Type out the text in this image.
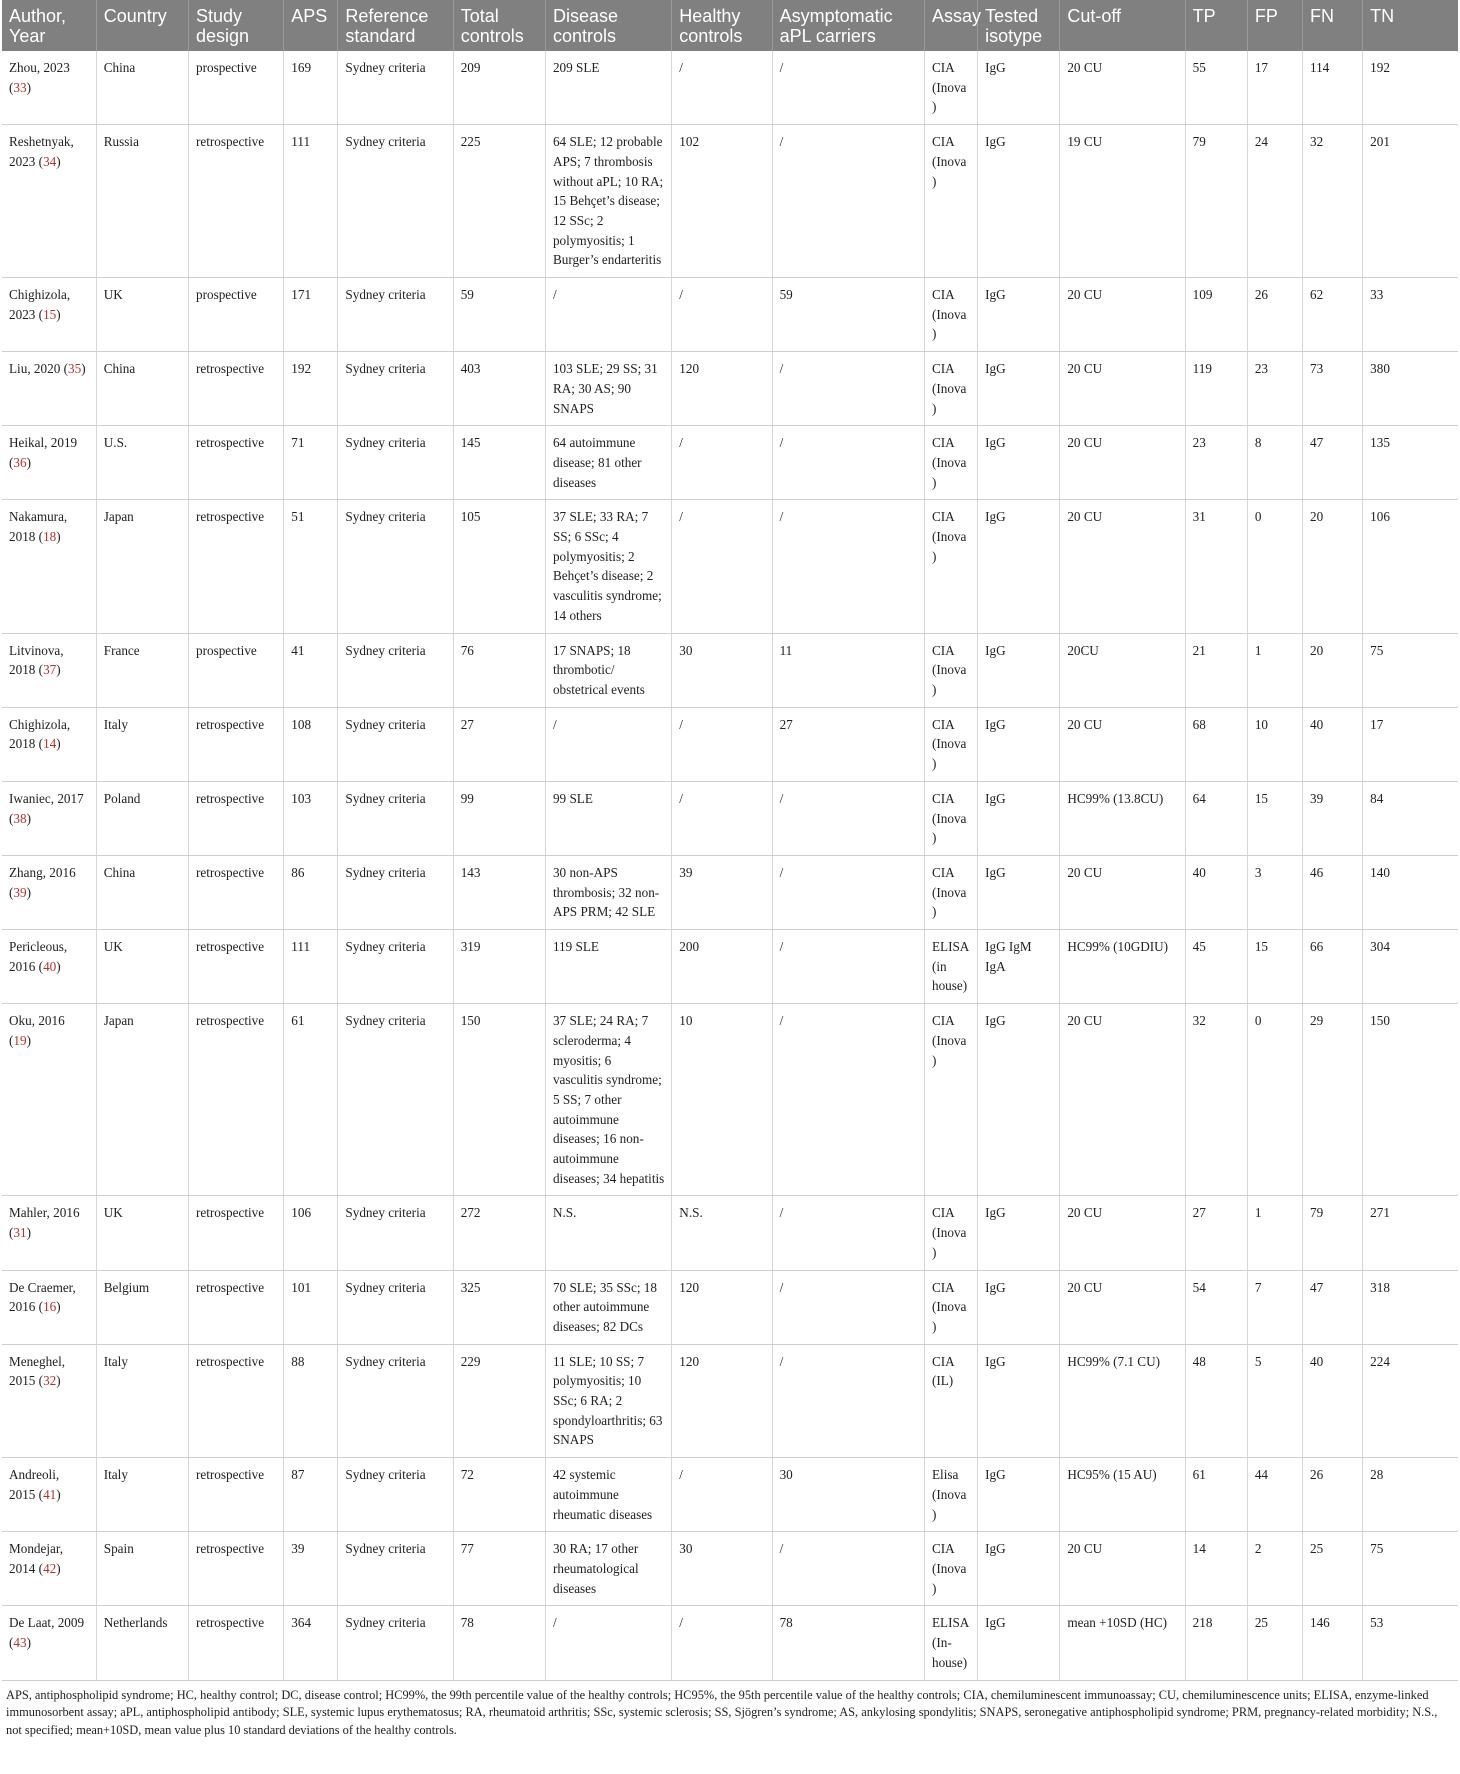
Author, Year	Country	Study design	APS	Reference standard	Total controls	Disease controls	Healthy controls	Asymptomatic aPL carriers	Assay	Tested isotype	Cut-off	TP	FP	FN	TN
Zhou, 2023 (33)	China	prospective	169	Sydney criteria	209	209 SLE	/	/	CIA (Inova)	IgG	20 CU	55	17	114	192
Reshetnyak, 2023 (34)	Russia	retrospective	111	Sydney criteria	225	64 SLE; 12 probable APS; 7 thrombosis without aPL; 10 RA; 15 Behçet’s disease; 12 SSc; 2 polymyositis; 1 Burger’s endarteritis	102	/	CIA (Inova)	IgG	19 CU	79	24	32	201
Chighizola, 2023 (15)	UK	prospective	171	Sydney criteria	59	/	/	59	CIA (Inova)	IgG	20 CU	109	26	62	33
Liu, 2020 (35)	China	retrospective	192	Sydney criteria	403	103 SLE; 29 SS; 31 RA; 30 AS; 90 SNAPS	120	/	CIA (Inova)	IgG	20 CU	119	23	73	380
Heikal, 2019 (36)	U.S.	retrospective	71	Sydney criteria	145	64 autoimmune disease; 81 other diseases	/	/	CIA (Inova)	IgG	20 CU	23	8	47	135
Nakamura, 2018 (18)	Japan	retrospective	51	Sydney criteria	105	37 SLE; 33 RA; 7 SS; 6 SSc; 4 polymyositis; 2 Behçet’s disease; 2 vasculitis syndrome; 14 others	/	/	CIA (Inova)	IgG	20 CU	31	0	20	106
Litvinova, 2018 (37)	France	prospective	41	Sydney criteria	76	17 SNAPS; 18 thrombotic/ obstetrical events	30	11	CIA (Inova)	IgG	20CU	21	1	20	75
Chighizola, 2018 (14)	Italy	retrospective	108	Sydney criteria	27	/	/	27	CIA (Inova)	IgG	20 CU	68	10	40	17
Iwaniec, 2017 (38)	Poland	retrospective	103	Sydney criteria	99	99 SLE	/	/	CIA (Inova)	IgG	HC99% (13.8CU)	64	15	39	84
Zhang, 2016 (39)	China	retrospective	86	Sydney criteria	143	30 non-APS thrombosis; 32 non-APS PRM; 42 SLE	39	/	CIA (Inova)	IgG	20 CU	40	3	46	140
Pericleous, 2016 (40)	UK	retrospective	111	Sydney criteria	319	119 SLE	200	/	ELISA (in house)	IgG IgM IgA	HC99% (10GDIU)	45	15	66	304
Oku, 2016 (19)	Japan	retrospective	61	Sydney criteria	150	37 SLE; 24 RA; 7 scleroderma; 4 myositis; 6 vasculitis syndrome; 5 SS; 7 other autoimmune diseases; 16 non-autoimmune diseases; 34 hepatitis	10	/	CIA (Inova)	IgG	20 CU	32	0	29	150
Mahler, 2016 (31)	UK	retrospective	106	Sydney criteria	272	N.S.	N.S.	/	CIA (Inova)	IgG	20 CU	27	1	79	271
De Craemer, 2016 (16)	Belgium	retrospective	101	Sydney criteria	325	70 SLE; 35 SSc; 18 other autoimmune diseases; 82 DCs	120	/	CIA (Inova)	IgG	20 CU	54	7	47	318
Meneghel, 2015 (32)	Italy	retrospective	88	Sydney criteria	229	11 SLE; 10 SS; 7 polymyositis; 10 SSc; 6 RA; 2 spondyloarthritis; 63 SNAPS	120	/	CIA (IL)	IgG	HC99% (7.1 CU)	48	5	40	224
Andreoli, 2015 (41)	Italy	retrospective	87	Sydney criteria	72	42 systemic autoimmune rheumatic diseases	/	30	Elisa (Inova)	IgG	HC95% (15 AU)	61	44	26	28
Mondejar, 2014 (42)	Spain	retrospective	39	Sydney criteria	77	30 RA; 17 other rheumatological diseases	30	/	CIA (Inova)	IgG	20 CU	14	2	25	75
De Laat, 2009 (43)	Netherlands	retrospective	364	Sydney criteria	78	/	/	78	ELISA (In-house)	IgG	mean +10SD (HC)	218	25	146	53
APS, antiphospholipid syndrome; HC, healthy control; DC, disease control; HC99%, the 99th percentile value of the healthy controls; HC95%, the 95th percentile value of the healthy controls; CIA, chemiluminescent immunoassay; CU, chemiluminescence units; ELISA, enzyme-linked immunosorbent assay; aPL, antiphospholipid antibody; SLE, systemic lupus erythematosus; RA, rheumatoid arthritis; SSc, systemic sclerosis; SS, Sjögren’s syndrome; AS, ankylosing spondylitis; SNAPS, seronegative antiphospholipid syndrome; PRM, pregnancy-related morbidity; N.S., not specified; mean+10SD, mean value plus 10 standard deviations of the healthy controls.
